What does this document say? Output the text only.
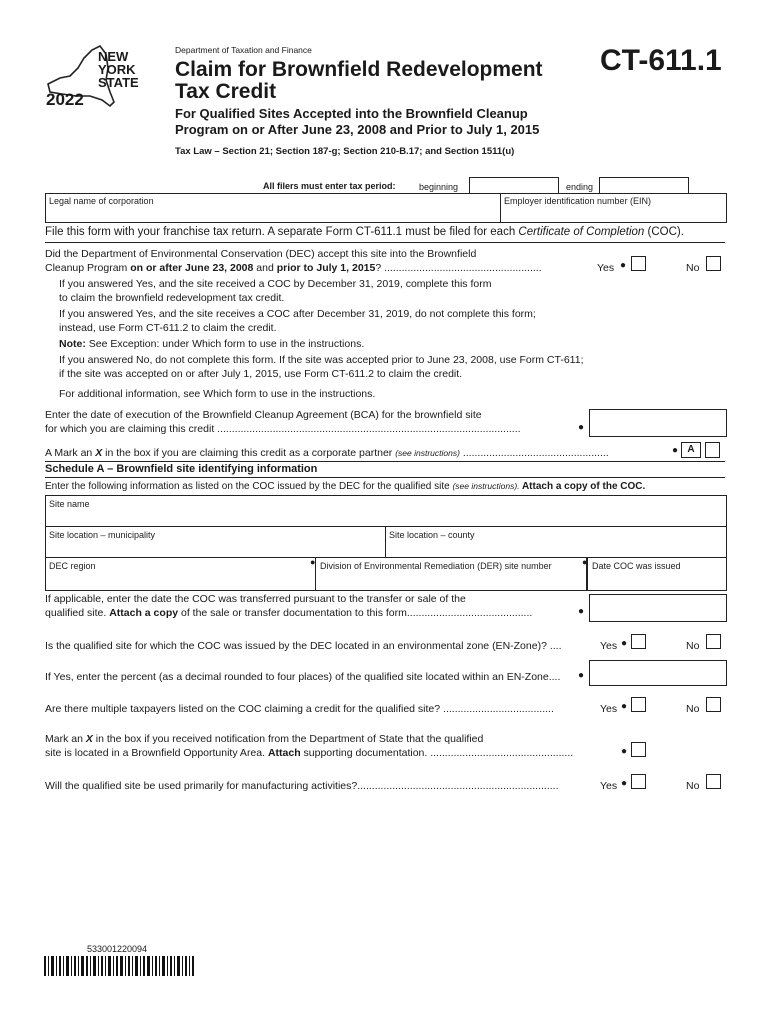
NEW YORK STATE
2022
Department of Taxation and Finance
Claim for Brownfield Redevelopment
Tax Credit
CT-611.1
For Qualified Sites Accepted into the Brownfield Cleanup
Program on or After June 23, 2008 and Prior to July 1, 2015
Tax Law – Section 21; Section 187-g; Section 210-B.17; and Section 1511(u)
All filers must enter tax period:	beginning	ending
Legal name of corporation	Employer identification number (EIN)
File this form with your franchise tax return. A separate Form CT-611.1 must be filed for each Certificate of Completion (COC).
Did the Department of Environmental Conservation (DEC) accept this site into the Brownfield
Cleanup Program on or after June 23, 2008 and prior to July 1, 2015? ......................................................	Yes ●	No
If you answered Yes, and the site received a COC by December 31, 2019, complete this form
to claim the brownfield redevelopment tax credit.
If you answered Yes, and the site receives a COC after December 31, 2019, do not complete this form;
instead, use Form CT-611.2 to claim the credit.
Note: See Exception: under Which form to use in the instructions.
If you answered No, do not complete this form. If the site was accepted prior to June 23, 2008, use Form CT-611;
if the site was accepted on or after July 1, 2015, use Form CT-611.2 to claim the credit.
For additional information, see Which form to use in the instructions.
Enter the date of execution of the Brownfield Cleanup Agreement (BCA) for the brownfield site
for which you are claiming this credit ........................................................................................................	●
A Mark an X in the box if you are claiming this credit as a corporate partner (see instructions) ..................................................	● A
Schedule A – Brownfield site identifying information
Enter the following information as listed on the COC issued by the DEC for the qualified site (see instructions). Attach a copy of the COC.
Site name
Site location – municipality	Site location – county
DEC region	● Division of Environmental Remediation (DER) site number	● Date COC was issued
If applicable, enter the date the COC was transferred pursuant to the transfer or sale of the
qualified site. Attach a copy of the sale or transfer documentation to this form...........................................	●
Is the qualified site for which the COC was issued by the DEC located in an environmental zone (EN-Zone)? ....	Yes ●	No
If Yes, enter the percent (as a decimal rounded to four places) of the qualified site located within an EN-Zone.... ●
Are there multiple taxpayers listed on the COC claiming a credit for the qualified site? ......................................	Yes ●	No
Mark an X in the box if you received notification from the Department of State that the qualified
site is located in a Brownfield Opportunity Area. Attach supporting documentation. .................................................	●
Will the qualified site be used primarily for manufacturing activities?.....................................................................	Yes ●	No
533001220094
